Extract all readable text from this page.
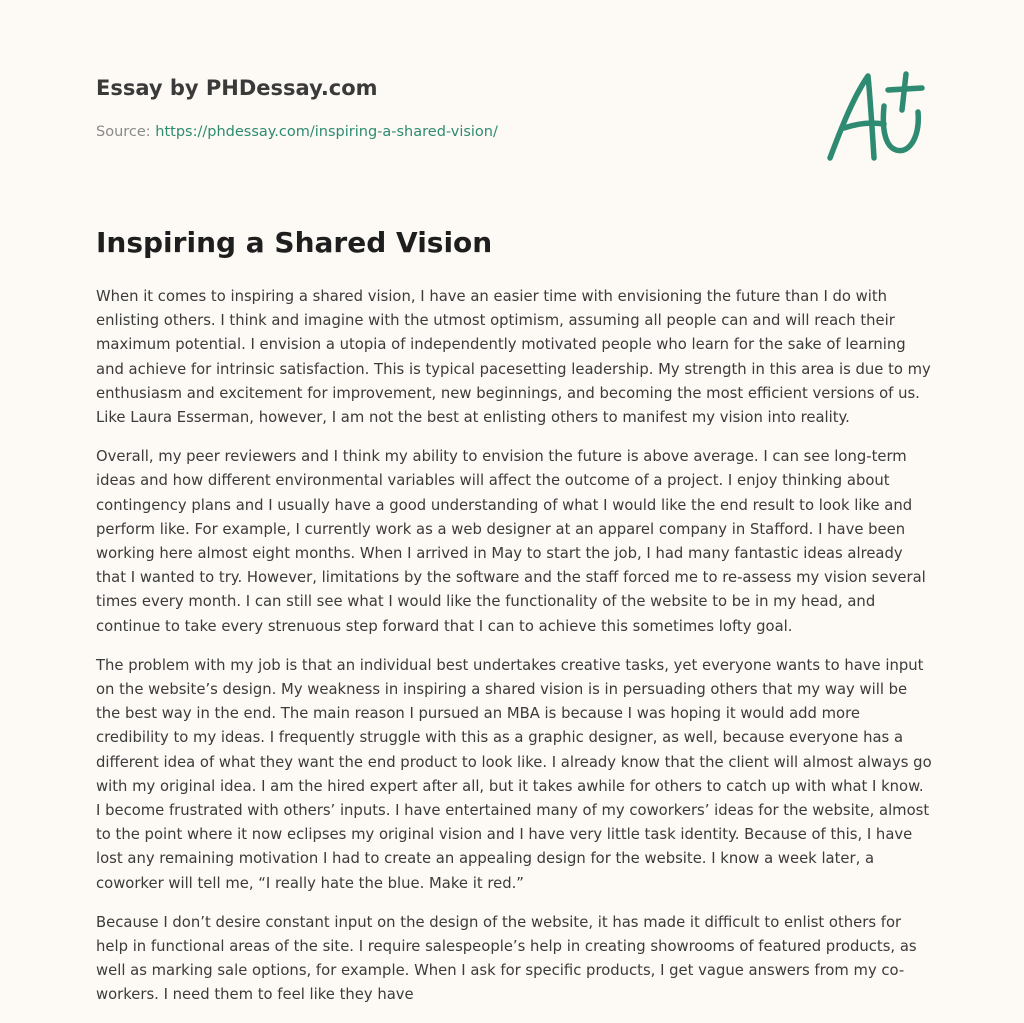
Essay by PHDessay.com
Source: https://phdessay.com/inspiring-a-shared-vision/
Inspiring a Shared Vision

When it comes to inspiring a shared vision, I have an easier time with envisioning the future than I do with enlisting others. I think and imagine with the utmost optimism, assuming all people can and will reach their maximum potential. I envision a utopia of independently motivated people who learn for the sake of learning and achieve for intrinsic satisfaction. This is typical pacesetting leadership. My strength in this area is due to my enthusiasm and excitement for improvement, new beginnings, and becoming the most efficient versions of us. Like Laura Esserman, however, I am not the best at enlisting others to manifest my vision into reality.

Overall, my peer reviewers and I think my ability to envision the future is above average. I can see long-term ideas and how different environmental variables will affect the outcome of a project. I enjoy thinking about contingency plans and I usually have a good understanding of what I would like the end result to look like and perform like. For example, I currently work as a web designer at an apparel company in Stafford. I have been working here almost eight months. When I arrived in May to start the job, I had many fantastic ideas already that I wanted to try. However, limitations by the software and the staff forced me to re-assess my vision several times every month. I can still see what I would like the functionality of the website to be in my head, and continue to take every strenuous step forward that I can to achieve this sometimes lofty goal.

The problem with my job is that an individual best undertakes creative tasks, yet everyone wants to have input on the website’s design. My weakness in inspiring a shared vision is in persuading others that my way will be the best way in the end. The main reason I pursued an MBA is because I was hoping it would add more credibility to my ideas. I frequently struggle with this as a graphic designer, as well, because everyone has a different idea of what they want the end product to look like. I already know that the client will almost always go with my original idea. I am the hired expert after all, but it takes awhile for others to catch up with what I know. I become frustrated with others’ inputs. I have entertained many of my coworkers’ ideas for the website, almost to the point where it now eclipses my original vision and I have very little task identity. Because of this, I have lost any remaining motivation I had to create an appealing design for the website. I know a week later, a coworker will tell me, “I really hate the blue. Make it red.”

Because I don’t desire constant input on the design of the website, it has made it difficult to enlist others for help in functional areas of the site. I require salespeople’s help in creating showrooms of featured products, as well as marking sale options, for example. When I ask for specific products, I get vague answers from my co-workers. I need them to feel like they have
